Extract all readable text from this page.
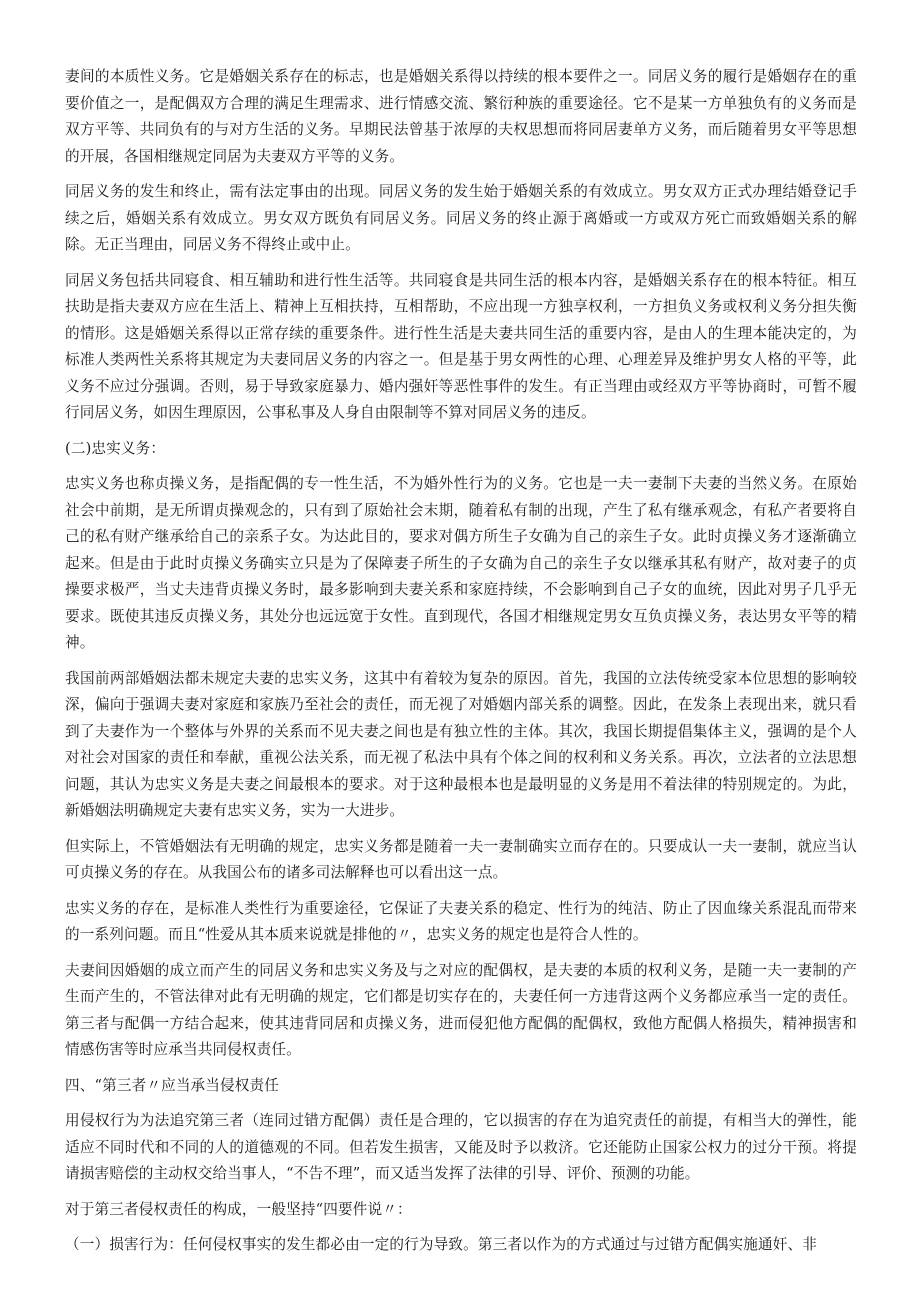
妻间的本质性义务。它是婚姻关系存在的标志，也是婚姻关系得以持续的根本要件之一。同居义务的履行是婚姻存在的重要价值之一，是配偶双方合理的满足生理需求、进行情感交流、繁衍种族的重要途径。它不是某一方单独负有的义务而是双方平等、共同负有的与对方生活的义务。早期民法曾基于浓厚的夫权思想而将同居妻单方义务，而后随着男女平等思想的开展，各国相继规定同居为夫妻双方平等的义务。

同居义务的发生和终止，需有法定事由的出现。同居义务的发生始于婚姻关系的有效成立。男女双方正式办理结婚登记手续之后，婚姻关系有效成立。男女双方既负有同居义务。同居义务的终止源于离婚或一方或双方死亡而致婚姻关系的解除。无正当理由，同居义务不得终止或中止。

同居义务包括共同寝食、相互辅助和进行性生活等。共同寝食是共同生活的根本内容，是婚姻关系存在的根本特征。相互扶助是指夫妻双方应在生活上、精神上互相扶持，互相帮助，不应出现一方独享权利，一方担负义务或权利义务分担失衡的情形。这是婚姻关系得以正常存续的重要条件。进行性生活是夫妻共同生活的重要内容，是由人的生理本能决定的，为标准人类两性关系将其规定为夫妻同居义务的内容之一。但是基于男女两性的心理、心理差异及维护男女人格的平等，此义务不应过分强调。否则，易于导致家庭暴力、婚内强奸等恶性事件的发生。有正当理由或经双方平等协商时，可暂不履行同居义务，如因生理原因，公事私事及人身自由限制等不算对同居义务的违反。

(二)忠实义务：

忠实义务也称贞操义务，是指配偶的专一性生活，不为婚外性行为的义务。它也是一夫一妻制下夫妻的当然义务。在原始社会中前期，是无所谓贞操观念的，只有到了原始社会末期，随着私有制的出现，产生了私有继承观念，有私产者要将自己的私有财产继承给自己的亲系子女。为达此目的，要求对偶方所生子女确为自己的亲生子女。此时贞操义务才逐渐确立起来。但是由于此时贞操义务确实立只是为了保障妻子所生的子女确为自己的亲生子女以继承其私有财产，故对妻子的贞操要求极严，当丈夫违背贞操义务时，最多影响到夫妻关系和家庭持续，不会影响到自己子女的血统，因此对男子几乎无要求。既使其违反贞操义务，其处分也远远宽于女性。直到现代，各国才相继规定男女互负贞操义务，表达男女平等的精神。

我国前两部婚姻法都未规定夫妻的忠实义务，这其中有着较为复杂的原因。首先，我国的立法传统受家本位思想的影响较深，偏向于强调夫妻对家庭和家族乃至社会的责任，而无视了对婚姻内部关系的调整。因此，在发条上表现出来，就只看到了夫妻作为一个整体与外界的关系而不见夫妻之间也是有独立性的主体。其次，我国长期提倡集体主义，强调的是个人对社会对国家的责任和奉献，重视公法关系，而无视了私法中具有个体之间的权利和义务关系。再次，立法者的立法思想问题，其认为忠实义务是夫妻之间最根本的要求。对于这种最根本也是最明显的义务是用不着法律的特别规定的。为此，新婚姻法明确规定夫妻有忠实义务，实为一大进步。

但实际上，不管婚姻法有无明确的规定，忠实义务都是随着一夫一妻制确实立而存在的。只要成认一夫一妻制，就应当认可贞操义务的存在。从我国公布的诸多司法解释也可以看出这一点。

忠实义务的存在，是标准人类性行为重要途径，它保证了夫妻关系的稳定、性行为的纯洁、防止了因血缘关系混乱而带来的一系列问题。而且“性爱从其本质来说就是排他的〃，忠实义务的规定也是符合人性的。

夫妻间因婚姻的成立而产生的同居义务和忠实义务及与之对应的配偶权，是夫妻的本质的权利义务，是随一夫一妻制的产生而产生的，不管法律对此有无明确的规定，它们都是切实存在的，夫妻任何一方违背这两个义务都应承当一定的责任。第三者与配偶一方结合起来，使其违背同居和贞操义务，进而侵犯他方配偶的配偶权，致他方配偶人格损失，精神损害和情感伤害等时应承当共同侵权责任。

四、“第三者〃应当承当侵权责任

用侵权行为为法追究第三者（连同过错方配偶）责任是合理的，它以损害的存在为追究责任的前提，有相当大的弹性，能适应不同时代和不同的人的道德观的不同。但若发生损害，又能及时予以救济。它还能防止国家公权力的过分干预。将提请损害赔偿的主动权交给当事人，“不告不理”，而又适当发挥了法律的引导、评价、预测的功能。

对于第三者侵权责任的构成，一般坚持“四要件说〃：

（一）损害行为：任何侵权事实的发生都必由一定的行为导致。第三者以作为的方式通过与过错方配偶实施通奸、非
